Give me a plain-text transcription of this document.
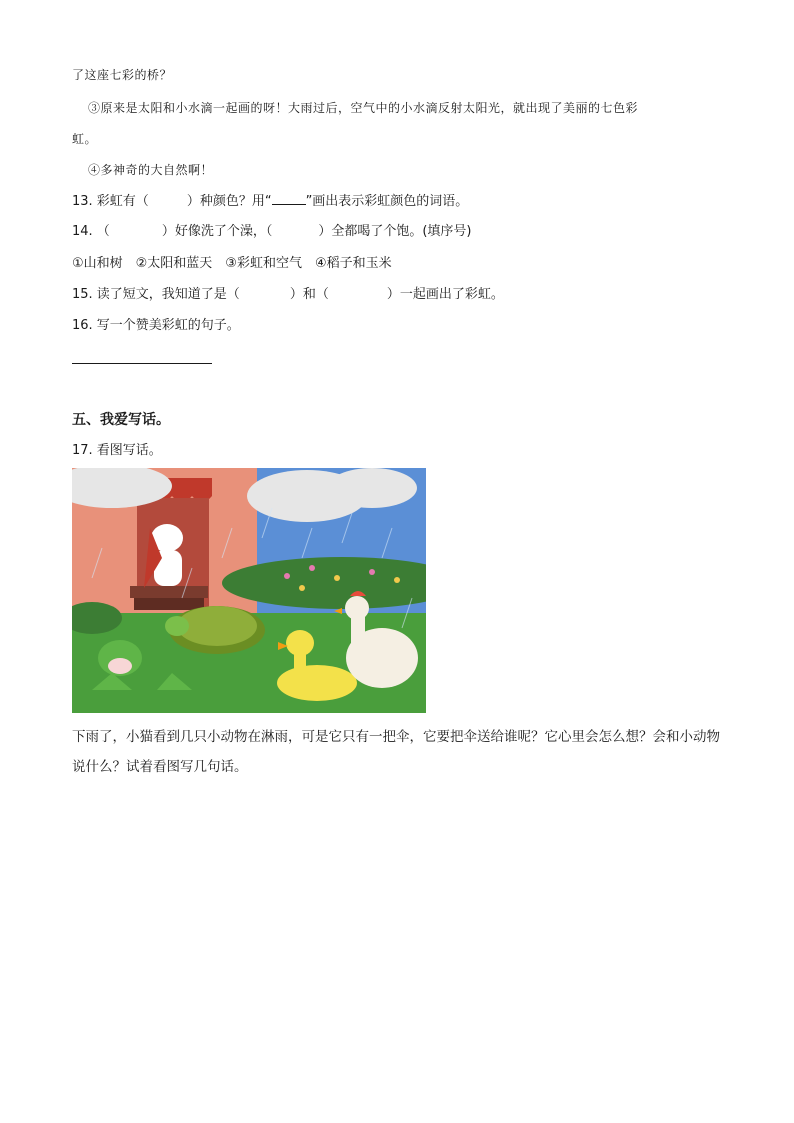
了这座七彩的桥？
③原来是太阳和小水滴一起画的呀！大雨过后，空气中的小水滴反射太阳光，就出现了美丽的七色彩
虹。
④多神奇的大自然啊！
13. 彩虹有（	）种颜色？用“	”画出表示彩虹颜色的词语。
14. （	）好像洗了个澡，（	）全都喝了个饱。(填序号)
①山和树　②太阳和蓝天　③彩虹和空气　④稻子和玉米
15. 读了短文，我知道了是（	）和（	）一起画出了彩虹。
16. 写一个赞美彩虹的句子。
五、我爱写话。
17. 看图写话。
下雨了，小猫看到几只小动物在淋雨，可是它只有一把伞，它要把伞送给谁呢？它心里会怎么想？会和小动物说什么？试着看图写几句话。
